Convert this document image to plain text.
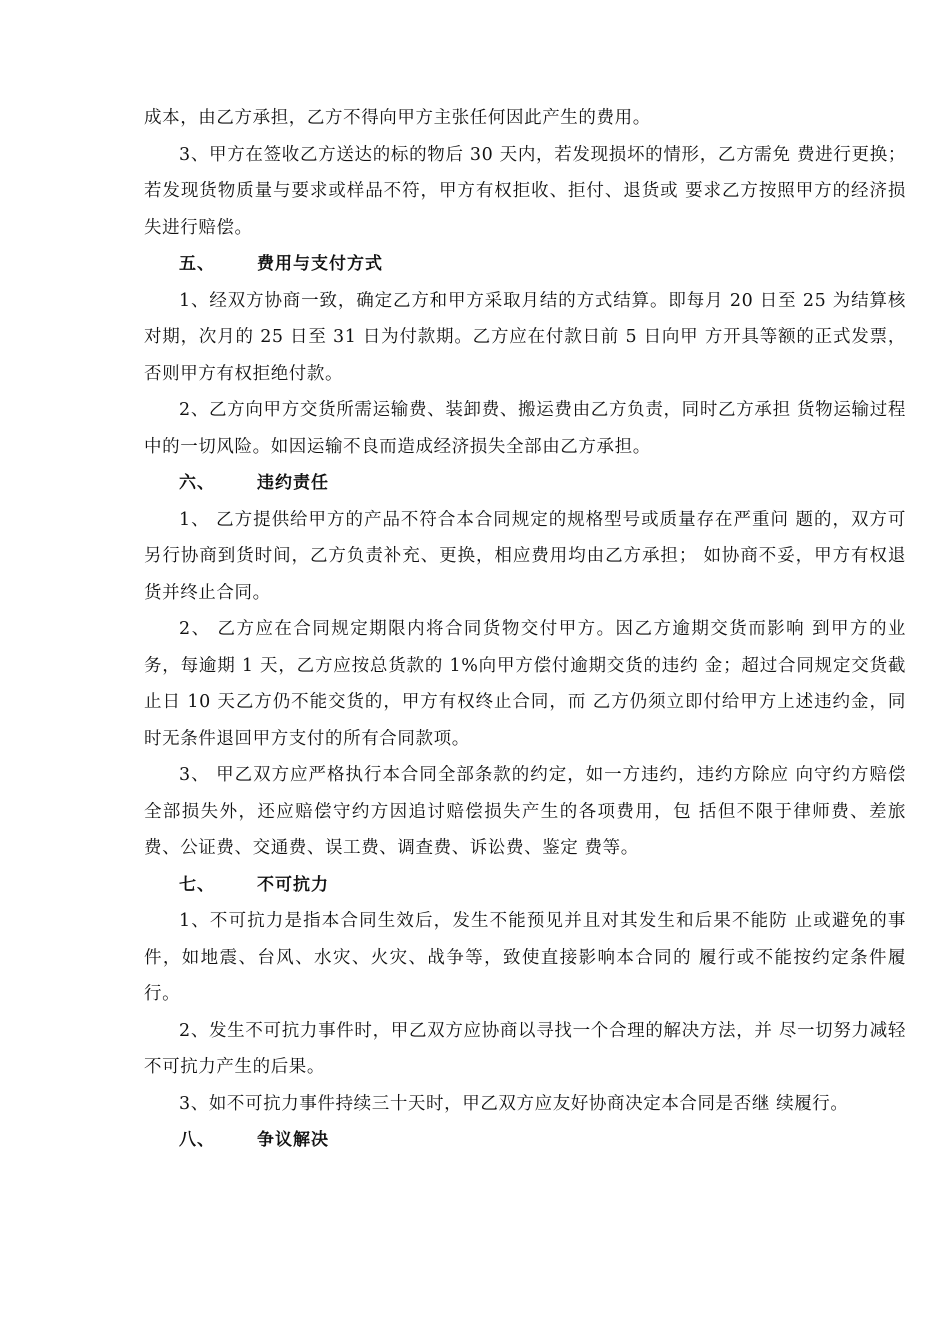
成本，由乙方承担，乙方不得向甲方主张任何因此产生的费用。

3、甲方在签收乙方送达的标的物后 30 天内，若发现损坏的情形，乙方需免 费进行更换；若发现货物质量与要求或样品不符，甲方有权拒收、拒付、退货或 要求乙方按照甲方的经济损失进行赔偿。

五、 费用与支付方式

1、经双方协商一致，确定乙方和甲方采取月结的方式结算。即每月 20 日至 25 为结算核对期，次月的 25 日至 31 日为付款期。乙方应在付款日前 5 日向甲 方开具等额的正式发票，否则甲方有权拒绝付款。

2、乙方向甲方交货所需运输费、装卸费、搬运费由乙方负责，同时乙方承担 货物运输过程中的一切风险。如因运输不良而造成经济损失全部由乙方承担。

六、 违约责任

1、 乙方提供给甲方的产品不符合本合同规定的规格型号或质量存在严重问 题的，双方可另行协商到货时间，乙方负责补充、更换，相应费用均由乙方承担； 如协商不妥，甲方有权退货并终止合同。

2、 乙方应在合同规定期限内将合同货物交付甲方。因乙方逾期交货而影响 到甲方的业务，每逾期 1 天，乙方应按总货款的 1%向甲方偿付逾期交货的违约 金；超过合同规定交货截止日 10 天乙方仍不能交货的，甲方有权终止合同，而 乙方仍须立即付给甲方上述违约金，同时无条件退回甲方支付的所有合同款项。

3、 甲乙双方应严格执行本合同全部条款的约定，如一方违约，违约方除应 向守约方赔偿全部损失外，还应赔偿守约方因追讨赔偿损失产生的各项费用，包 括但不限于律师费、差旅费、公证费、交通费、误工费、调查费、诉讼费、鉴定 费等。

七、 不可抗力

1、不可抗力是指本合同生效后，发生不能预见并且对其发生和后果不能防 止或避免的事件，如地震、台风、水灾、火灾、战争等，致使直接影响本合同的 履行或不能按约定条件履行。

2、发生不可抗力事件时，甲乙双方应协商以寻找一个合理的解决方法，并 尽一切努力减轻不可抗力产生的后果。

3、如不可抗力事件持续三十天时，甲乙双方应友好协商决定本合同是否继 续履行。

八、 争议解决
